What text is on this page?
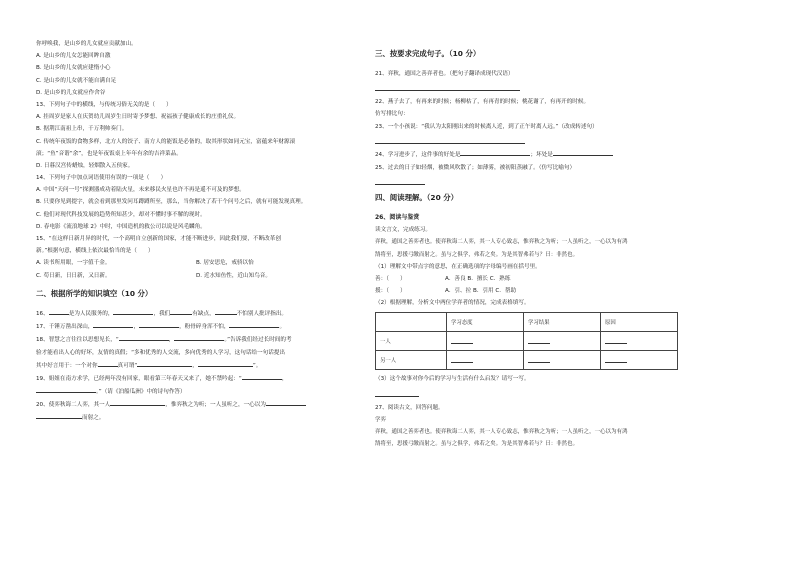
你呼唤我，是山乡的儿女就应贡献加山。
A. 是山乡的儿女怎能回眸自激
B. 是山乡的儿女就应建惰小心
C. 是山乡的儿女就不能自满自足
D. 是山乡的儿女就应作舍谷
13、下列句子中的横线，与传统习俗无关的是（　　）
A. 挂周岁是家人在庆贺幼儿周岁生日时寄予梦想、祝福孩子健康成长的庄重礼仪。
B. 据荆江南祖上串，千万利帅奏门。
C. 传统年夜饭的食物多样，北方人的饺子、南方人的能饭是必备的，取其形状如同元宝，富蕴来年财源滚
滚；“鱼”音谐“余”，也是年夜饭桌上年年有余的吉祥菜品。
D. 日暮汉宫传蜡烛，轻烟散入五侯家。
14、下列句子中加点词语使用有误的一项是（　　）
A. 中国“天问一号”探测器成功着陆火星，未来移民火星也许不再是遥不可及的梦想。
B. 只要你见到提字，就会看到那里发问耳蹲蹲所至，那么，当你解决了若干个问号之后，就有可能发现真理。
C. 他们对现代科技发展的趋势所知甚少，却对不懂时事不解的现时。
D. 春电影《流浪地球 2》中时，中国造机的救公司以说是风毛麟角。
15、“在这样日新月异的时代，一个高明自立创新的国家，才能不断进步，因此我们要，不断改革创
新。”根据句意，横线上依次最恰当的是（　　）
A. 读书所用眼，一字值千金。	B. 居安思危，戒骄以怡
C. 苟日新，日日新，又日新。	D. 近水知鱼性，近山知鸟音。
二、根据所学的知识填空（10 分）
16、	是为人民服务的，	，我们	有缺点，	不怕别人批评指出。
17、千锤万凿出深山，	，	，粉骨碎身浑不怕，	。
18、智慧之言往往以思想见长，“	，	。”告诉我们经过长时间的考
验才能看出人心的好坏，友情的真假；“多和优秀的人交流，多向优秀的人学习，这句话给一句话提出
其中好言用于：一个对你	真可谓“	，	”。
19、姐姐在南方求学，已经两年没有回家，眼看第三年春天又来了，她不禁吟起：“	，
。”（请《泊船瓜洲》中的诗句作答）
20、使弈秋诲二人弈，其一人	，惟弈秋之为听；一人虽听之，一心以为
而射之。
三、按要求完成句子。（10 分）
21、弈秋，通国之善弈者也。（把句子翻译成现代汉语）
22、燕子去了，有再来的时候；杨柳枯了，有再青的时候；桃花谢了，有再开的时候。
仿写排比句：
23、一个小孩说：“我认为太阳刚出来的时候离人近，到了正午时离人远。”（改成转述句）
24、学习进步了，这件事的好处是	；坏处是
25、过去的日子如轻烟，被微风吹散了；如薄雾，被初阳蒸融了。（仿写比喻句）
四、阅读理解。（20 分）
26、阅读与鉴赏
读文言文，完成练习。
弈秋，通国之善弈者也。使弈秋诲二人弈，其一人专心致志，惟弈秋之为听；一人虽听之，一心以为有鸿
鹄将至，思援弓缴而射之。虽与之俱学，弗若之矣。为是其智弗若与？曰：非然也。
（1）理解文中带点字的意思，在正确选项的字母编号画在括号里。
善：（　　）	A．善良 B．擅长 C．熟练
援：（　　）	A．引、拉 B．引用 C．帮助
（2）根据理解，分析文中两位学弈者的情况，完成表格填写。
	学习态度	学习结果	原因
一人			
另一人			
（3）这个故事对你今后的学习与生活有什么启发？请写一写。
27、阅读古文，回答问题。
学弈
弈秋，通国之善弈者也。使弈秋诲二人弈，其一人专心致志，惟弈秋之为听；一人虽听之，一心以为有鸿
鹄将至，思援弓缴而射之。虽与之俱学，弗若之矣。为是其智弗若与？曰：非然也。
